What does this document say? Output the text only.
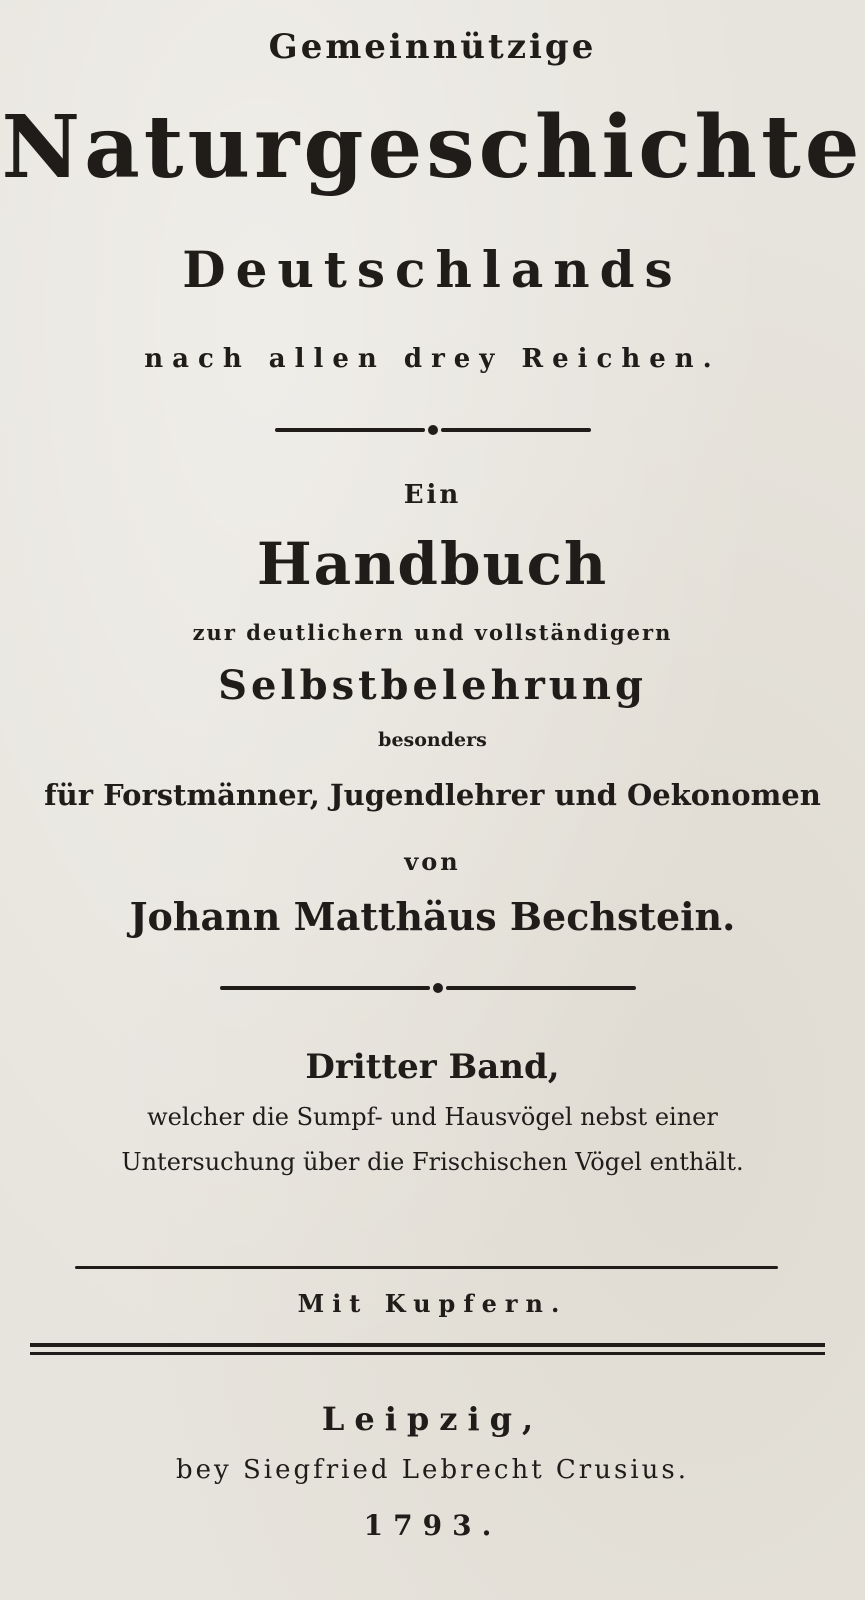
Gemeinnützige
Naturgeschichte
Deutschlands
nach allen drey Reichen.
Ein
Handbuch
zur deutlichern und vollständigern
Selbstbelehrung
besonders
für Forstmänner, Jugendlehrer und Oekonomen
von
Johann Matthäus Bechstein.
Dritter Band,
welcher die Sumpf- und Hausvögel nebst einer
Untersuchung über die Frischischen Vögel enthält.
Mit Kupfern.
Leipzig,
bey Siegfried Lebrecht Crusius.
1793.
